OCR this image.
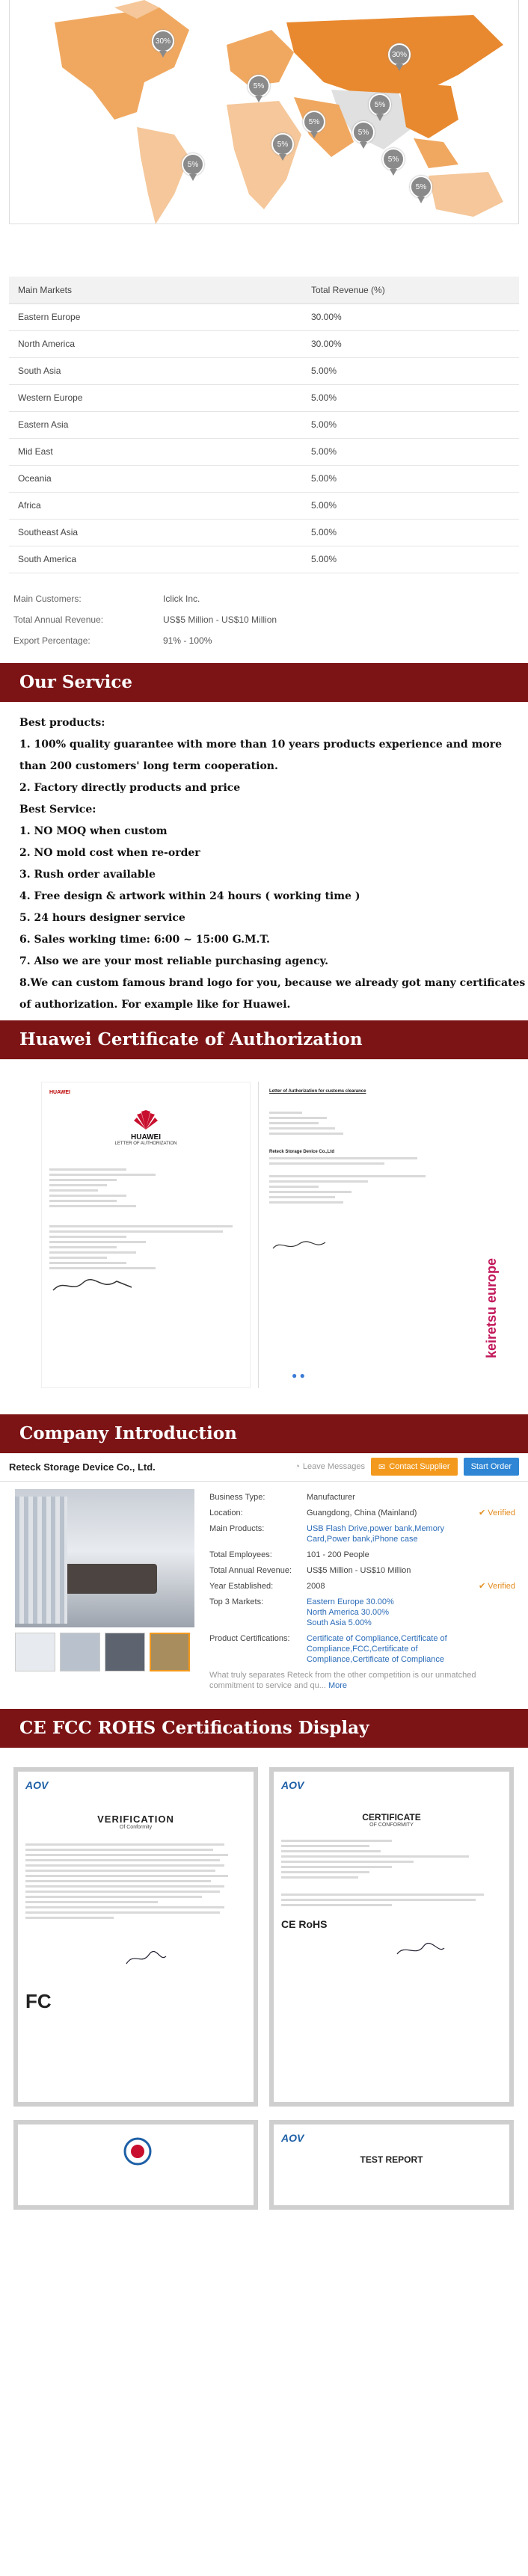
30%
5%
30%
5%
5%
5%
5%
5%
5%
5%
Main Markets	Total Revenue (%)
Eastern Europe	30.00%
North America	30.00%
South Asia	5.00%
Western Europe	5.00%
Eastern Asia	5.00%
Mid East	5.00%
Oceania	5.00%
Africa	5.00%
Southeast Asia	5.00%
South America	5.00%
Main Customers:	Iclick Inc.
Total Annual Revenue:	US$5 Million - US$10 Million
Export Percentage:	91% - 100%
Our Service
Best products:
1. 100% quality guarantee with more than 10 years products experience and more
than 200 customers' long term cooperation.
2. Factory directly products and price
Best Service:
1. NO MOQ when custom
2. NO mold cost when re-order
3. Rush order available
4. Free design & artwork within 24 hours ( working time )
5. 24 hours designer service
6. Sales working time: 6:00 ~ 15:00 G.M.T.
7. Also we are your most reliable purchasing agency.
8.We can custom famous brand logo for you, because we already got many certificates
of authorization. For example like for Huawei.
Huawei Certificate of Authorization
HUAWEI
HUAWEI
LETTER OF AUTHORIZATION
Letter of Authorization for customs clearance
Reteck Storage Device Co.,Ltd
keiretsu europe
● ●
Company Introduction
Reteck Storage Device Co., Ltd.	◔ Leave Messages ✉ Contact Supplier	Start Order
Business Type:	Manufacturer
Location:	Guangdong, China (Mainland)	✔ Verified
Main Products:	USB Flash Drive,power bank,Memory Card,Power bank,iPhone case
Total Employees:	101 - 200 People
Total Annual Revenue:	US$5 Million - US$10 Million
Year Established:	2008	✔ Verified
Top 3 Markets:	Eastern Europe 30.00%
North America 30.00%
South Asia 5.00%
Product Certifications:	Certificate of Compliance,Certificate of Compliance,FCC,Certificate of Compliance,Certificate of Compliance
What truly separates Reteck from the other competition is our unmatched commitment to service and qu... More
CE FCC ROHS Certifications Display
AOV
VERIFICATION
Of Conformity
FC
AOV
CERTIFICATE
OF CONFORMITY
CE RoHS
AOV
TEST REPORT
